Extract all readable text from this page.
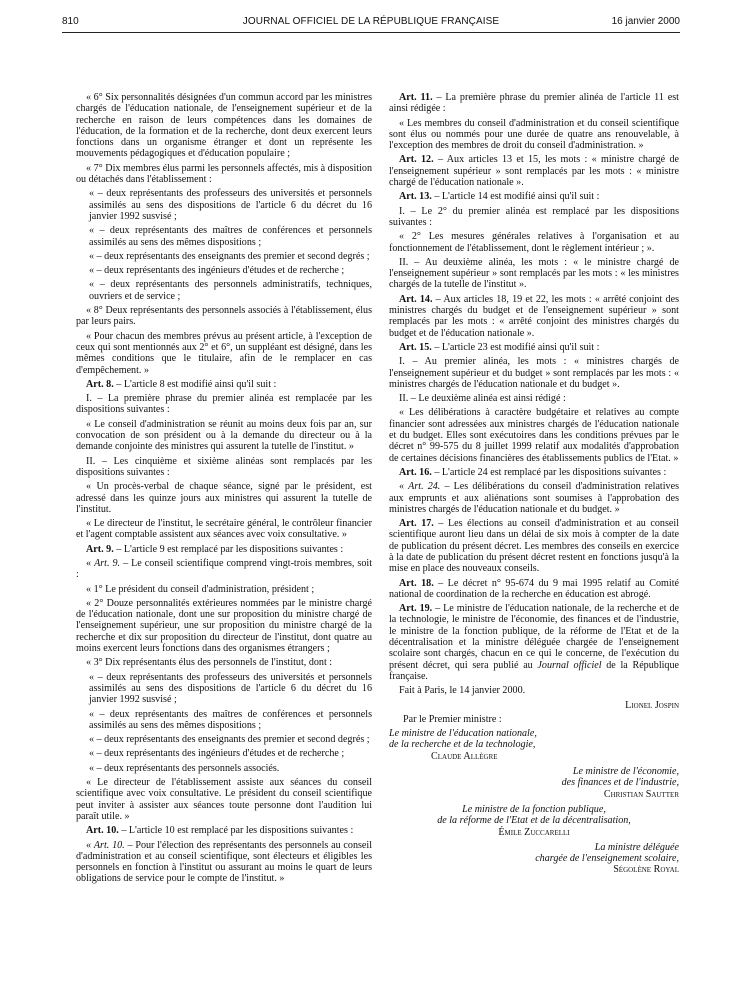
810	JOURNAL OFFICIEL DE LA RÉPUBLIQUE FRANÇAISE	16 janvier 2000

« 6° Six personnalités désignées d'un commun accord par les ministres chargés de l'éducation nationale, de l'enseignement supérieur et de la recherche en raison de leurs compétences dans les domaines de l'éducation, de la formation et de la recherche, dont deux exercent leurs fonctions dans un organisme étranger et dont un représente les mouvements pédagogiques et d'éducation populaire ;

« 7° Dix membres élus parmi les personnels affectés, mis à disposition ou détachés dans l'établissement :

« – deux représentants des professeurs des universités et personnels assimilés au sens des dispositions de l'article 6 du décret du 16 janvier 1992 susvisé ;

« – deux représentants des maîtres de conférences et personnels assimilés au sens des mêmes dispositions ;

« – deux représentants des enseignants des premier et second degrés ;

« – deux représentants des ingénieurs d'études et de recherche ;

« – deux représentants des personnels administratifs, techniques, ouvriers et de service ;

« 8° Deux représentants des personnels associés à l'établissement, élus par leurs pairs.

« Pour chacun des membres prévus au présent article, à l'exception de ceux qui sont mentionnés aux 2° et 6°, un suppléant est désigné, dans les mêmes conditions que le titulaire, afin de le remplacer en cas d'empêchement. »

Art. 8. – L'article 8 est modifié ainsi qu'il suit :

I. – La première phrase du premier alinéa est remplacée par les dispositions suivantes :

« Le conseil d'administration se réunit au moins deux fois par an, sur convocation de son président ou à la demande du directeur ou à la demande conjointe des ministres qui assurent la tutelle de l'institut. »

II. – Les cinquième et sixième alinéas sont remplacés par les dispositions suivantes :

« Un procès-verbal de chaque séance, signé par le président, est adressé dans les quinze jours aux ministres qui assurent la tutelle de l'institut.

« Le directeur de l'institut, le secrétaire général, le contrôleur financier et l'agent comptable assistent aux séances avec voix consultative. »

Art. 9. – L'article 9 est remplacé par les dispositions suivantes :

« Art. 9. – Le conseil scientifique comprend vingt-trois membres, soit :

« 1° Le président du conseil d'administration, président ;

« 2° Douze personnalités extérieures nommées par le ministre chargé de l'éducation nationale, dont une sur proposition du ministre chargé de l'enseignement supérieur, une sur proposition du ministre chargé de la recherche et dix sur proposition du directeur de l'institut, dont quatre au moins exercent leurs fonctions dans des organismes étrangers ;

« 3° Dix représentants élus des personnels de l'institut, dont :

« – deux représentants des professeurs des universités et personnels assimilés au sens des dispositions de l'article 6 du décret du 16 janvier 1992 susvisé ;

« – deux représentants des maîtres de conférences et personnels assimilés au sens des mêmes dispositions ;

« – deux représentants des enseignants des premier et second degrés ;

« – deux représentants des ingénieurs d'études et de recherche ;

« – deux représentants des personnels associés.

« Le directeur de l'établissement assiste aux séances du conseil scientifique avec voix consultative. Le président du conseil scientifique peut inviter à assister aux séances toute personne dont l'audition lui paraît utile. »

Art. 10. – L'article 10 est remplacé par les dispositions suivantes :

« Art. 10. – Pour l'élection des représentants des personnels au conseil d'administration et au conseil scientifique, sont électeurs et éligibles les personnels en fonction à l'institut ou assurant au moins le quart de leurs obligations de service pour le compte de l'institut. »

Art. 11. – La première phrase du premier alinéa de l'article 11 est ainsi rédigée :

« Les membres du conseil d'administration et du conseil scientifique sont élus ou nommés pour une durée de quatre ans renouvelable, à l'exception des membres de droit du conseil d'administration. »

Art. 12. – Aux articles 13 et 15, les mots : « ministre chargé de l'enseignement supérieur » sont remplacés par les mots : « ministre chargé de l'éducation nationale ».

Art. 13. – L'article 14 est modifié ainsi qu'il suit :

I. – Le 2° du premier alinéa est remplacé par les dispositions suivantes :

« 2° Les mesures générales relatives à l'organisation et au fonctionnement de l'établissement, dont le règlement intérieur ; ».

II. – Au deuxième alinéa, les mots : « le ministre chargé de l'enseignement supérieur » sont remplacés par les mots : « les ministres chargés de la tutelle de l'institut ».

Art. 14. – Aux articles 18, 19 et 22, les mots : « arrêté conjoint des ministres chargés du budget et de l'enseignement supérieur » sont remplacés par les mots : « arrêté conjoint des ministres chargés du budget et de l'éducation nationale ».

Art. 15. – L'article 23 est modifié ainsi qu'il suit :

I. – Au premier alinéa, les mots : « ministres chargés de l'enseignement supérieur et du budget » sont remplacés par les mots : « ministres chargés de l'éducation nationale et du budget ».

II. – Le deuxième alinéa est ainsi rédigé :

« Les délibérations à caractère budgétaire et relatives au compte financier sont adressées aux ministres chargés de l'éducation nationale et du budget. Elles sont exécutoires dans les conditions prévues par le décret n° 99-575 du 8 juillet 1999 relatif aux modalités d'approbation de certaines décisions financières des établissements publics de l'Etat. »

Art. 16. – L'article 24 est remplacé par les dispositions suivantes :

« Art. 24. – Les délibérations du conseil d'administration relatives aux emprunts et aux aliénations sont soumises à l'approbation des ministres chargés de l'éducation nationale et du budget. »

Art. 17. – Les élections au conseil d'administration et au conseil scientifique auront lieu dans un délai de six mois à compter de la date de publication du présent décret. Les membres des conseils en exercice à la date de publication du présent décret restent en fonctions jusqu'à la mise en place des nouveaux conseils.

Art. 18. – Le décret n° 95-674 du 9 mai 1995 relatif au Comité national de coordination de la recherche en éducation est abrogé.

Art. 19. – Le ministre de l'éducation nationale, de la recherche et de la technologie, le ministre de l'économie, des finances et de l'industrie, le ministre de la fonction publique, de la réforme de l'Etat et de la décentralisation et la ministre déléguée chargée de l'enseignement scolaire sont chargés, chacun en ce qui le concerne, de l'exécution du présent décret, qui sera publié au Journal officiel de la République française.

Fait à Paris, le 14 janvier 2000.

Lionel Jospin

Par le Premier ministre :

Le ministre de l'éducation nationale,
de la recherche et de la technologie,
Claude Allègre
Le ministre de l'économie,
des finances et de l'industrie,
Christian Sautter
Le ministre de la fonction publique,
de la réforme de l'Etat et de la décentralisation,
Émile Zuccarelli
La ministre déléguée
chargée de l'enseignement scolaire,
Ségolène Royal
